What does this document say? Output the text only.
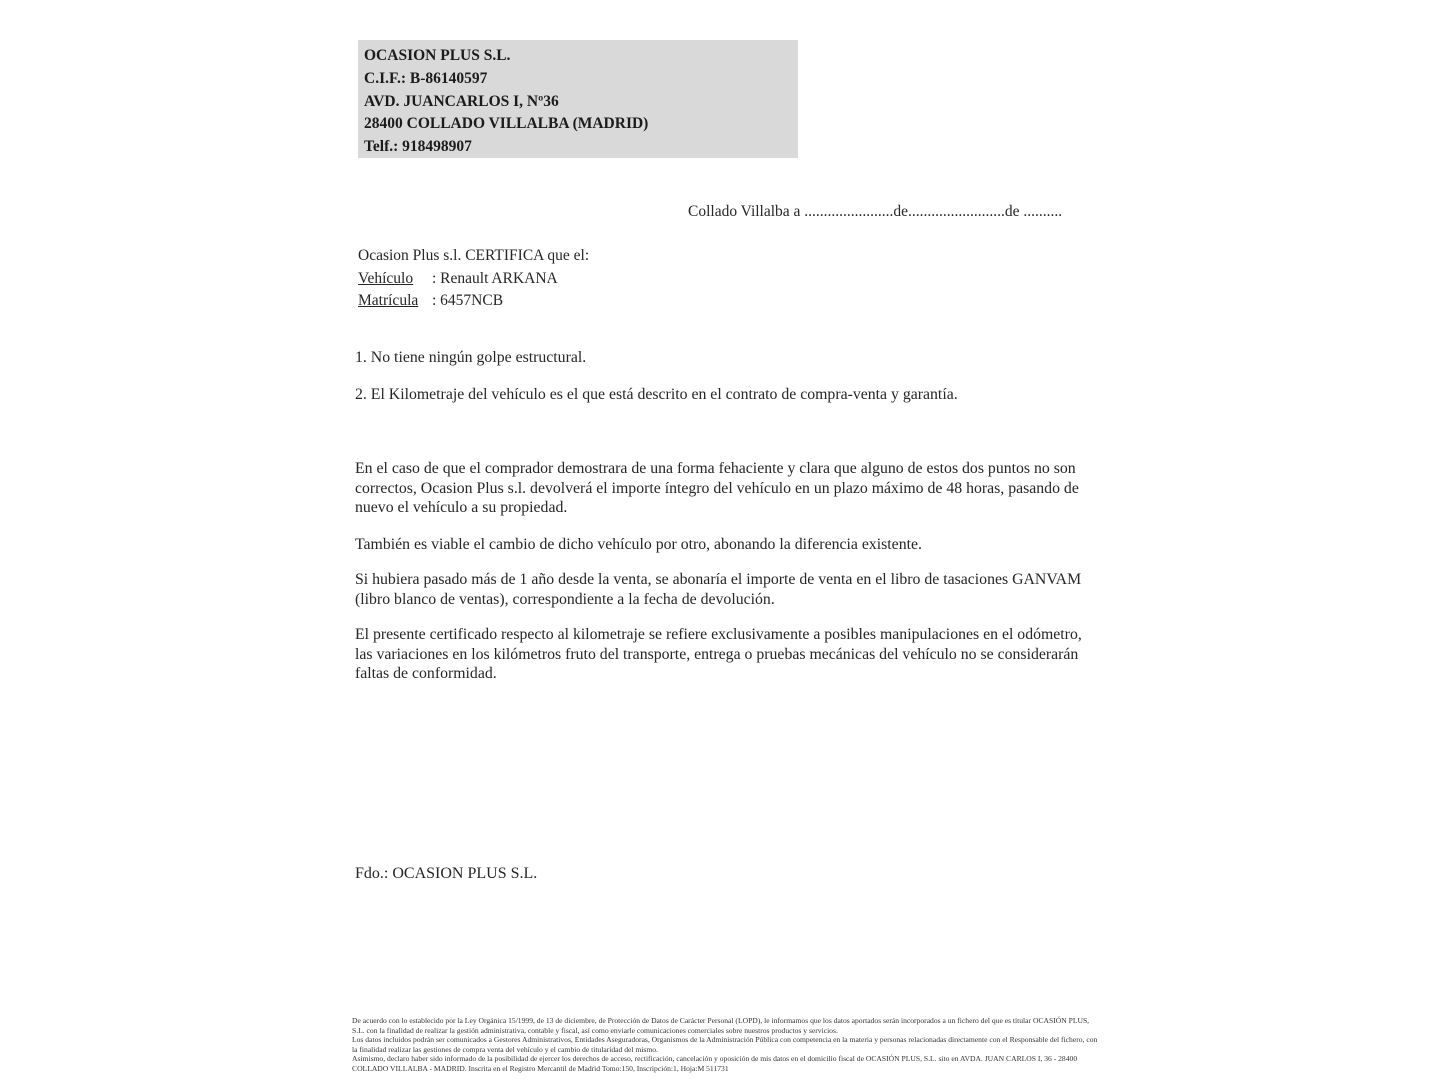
OCASION PLUS S.L.
C.I.F.: B-86140597
AVD. JUANCARLOS I, Nº36
28400 COLLADO VILLALBA (MADRID)
Telf.: 918498907
Collado Villalba a .......................de.........................de ..........
Ocasion Plus s.l. CERTIFICA que el:
Vehículo : Renault ARKANA
Matrícula : 6457NCB
1. No tiene ningún golpe estructural.
2. El Kilometraje del vehículo es el que está descrito en el contrato de compra-venta y garantía.
En el caso de que el comprador demostrara de una forma fehaciente y clara que alguno de estos dos puntos no son correctos, Ocasion Plus s.l. devolverá el importe íntegro del vehículo en un plazo máximo de 48 horas, pasando de nuevo el vehículo a su propiedad.
También es viable el cambio de dicho vehículo por otro, abonando la diferencia existente.
Si hubiera pasado más de 1 año desde la venta, se abonaría el importe de venta en el libro de tasaciones GANVAM (libro blanco de ventas), correspondiente a la fecha de devolución.
El presente certificado respecto al kilometraje se refiere exclusivamente a posibles manipulaciones en el odómetro, las variaciones en los kilómetros fruto del transporte, entrega o pruebas mecánicas del vehículo no se considerarán faltas de conformidad.
Fdo.: OCASION PLUS S.L.

De acuerdo con lo establecido por la Ley Orgánica 15/1999, de 13 de diciembre, de Protección de Datos de Carácter Personal (LOPD), le informamos que los datos aportados serán incorporados a un fichero del que es titular OCASIÓN PLUS, S.L. con la finalidad de realizar la gestión administrativa, contable y fiscal, así como enviarle comunicaciones comerciales sobre nuestros productos y servicios.

Los datos incluidos podrán ser comunicados a Gestores Administrativos, Entidades Aseguradoras, Organismos de la Administración Pública con competencia en la materia y personas relacionadas directamente con el Responsable del fichero, con la finalidad realizar las gestiones de compra venta del vehículo y el cambio de titularidad del mismo.

Asimismo, declaro haber sido informado de la posibilidad de ejercer los derechos de acceso, rectificación, cancelación y oposición de mis datos en el domicilio fiscal de OCASIÓN PLUS, S.L. sito en AVDA. JUAN CARLOS I, 36 - 28400 COLLADO VILLALBA - MADRID. Inscrita en el Registro Mercantil de Madrid Tomo:150, Inscripción:1, Hoja:M 511731
